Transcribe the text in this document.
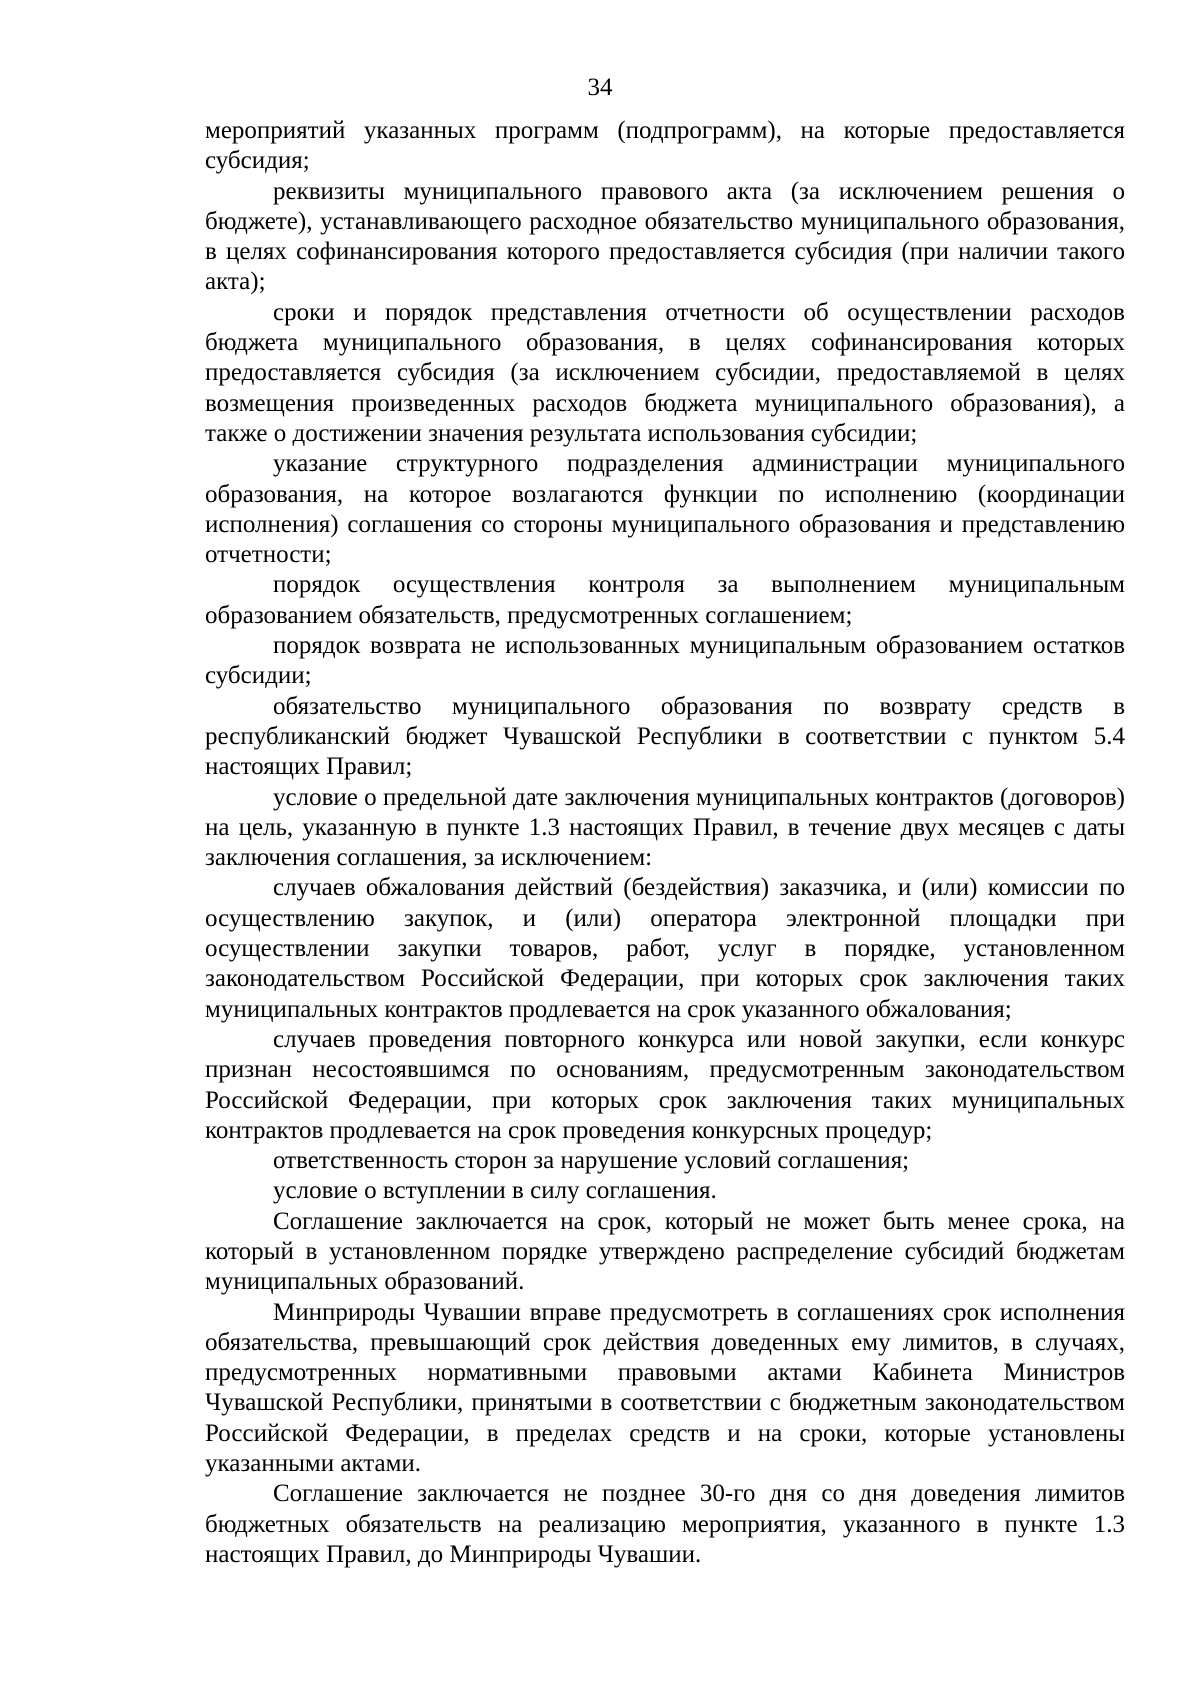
34

мероприятий указанных программ (подпрограмм), на которые предоставляется субсидия;

реквизиты муниципального правового акта (за исключением решения о бюджете), устанавливающего расходное обязательство муниципального образования, в целях софинансирования которого предоставляется субсидия (при наличии такого акта);

сроки и порядок представления отчетности об осуществлении расходов бюджета муниципального образования, в целях софинансирования которых предоставляется субсидия (за исключением субсидии, предоставляемой в целях возмещения произведенных расходов бюджета муниципального образования), а также о достижении значения результата использования субсидии;

указание структурного подразделения администрации муниципального образования, на которое возлагаются функции по исполнению (координации исполнения) соглашения со стороны муниципального образования и представлению отчетности;

порядок осуществления контроля за выполнением муниципальным образованием обязательств, предусмотренных соглашением;

порядок возврата не использованных муниципальным образованием остатков субсидии;

обязательство муниципального образования по возврату средств в республиканский бюджет Чувашской Республики в соответствии с пунктом 5.4 настоящих Правил;

условие о предельной дате заключения муниципальных контрактов (договоров) на цель, указанную в пункте 1.3 настоящих Правил, в течение двух месяцев с даты заключения соглашения, за исключением:

случаев обжалования действий (бездействия) заказчика, и (или) комиссии по осуществлению закупок, и (или) оператора электронной площадки при осуществлении закупки товаров, работ, услуг в порядке, установленном законодательством Российской Федерации, при которых срок заключения таких муниципальных контрактов продлевается на срок указанного обжалования;

случаев проведения повторного конкурса или новой закупки, если конкурс признан несостоявшимся по основаниям, предусмотренным законодательством Российской Федерации, при которых срок заключения таких муниципальных контрактов продлевается на срок проведения конкурсных процедур;

ответственность сторон за нарушение условий соглашения;

условие о вступлении в силу соглашения.

Соглашение заключается на срок, который не может быть менее срока, на который в установленном порядке утверждено распределение субсидий бюджетам муниципальных образований.

Минприроды Чувашии вправе предусмотреть в соглашениях срок исполнения обязательства, превышающий срок действия доведенных ему лимитов, в случаях, предусмотренных нормативными правовыми актами Кабинета Министров Чувашской Республики, принятыми в соответствии с бюджетным законодательством Российской Федерации, в пределах средств и на сроки, которые установлены указанными актами.

Соглашение заключается не позднее 30-го дня со дня доведения лимитов бюджетных обязательств на реализацию мероприятия, указанного в пункте 1.3 настоящих Правил, до Минприроды Чувашии.
